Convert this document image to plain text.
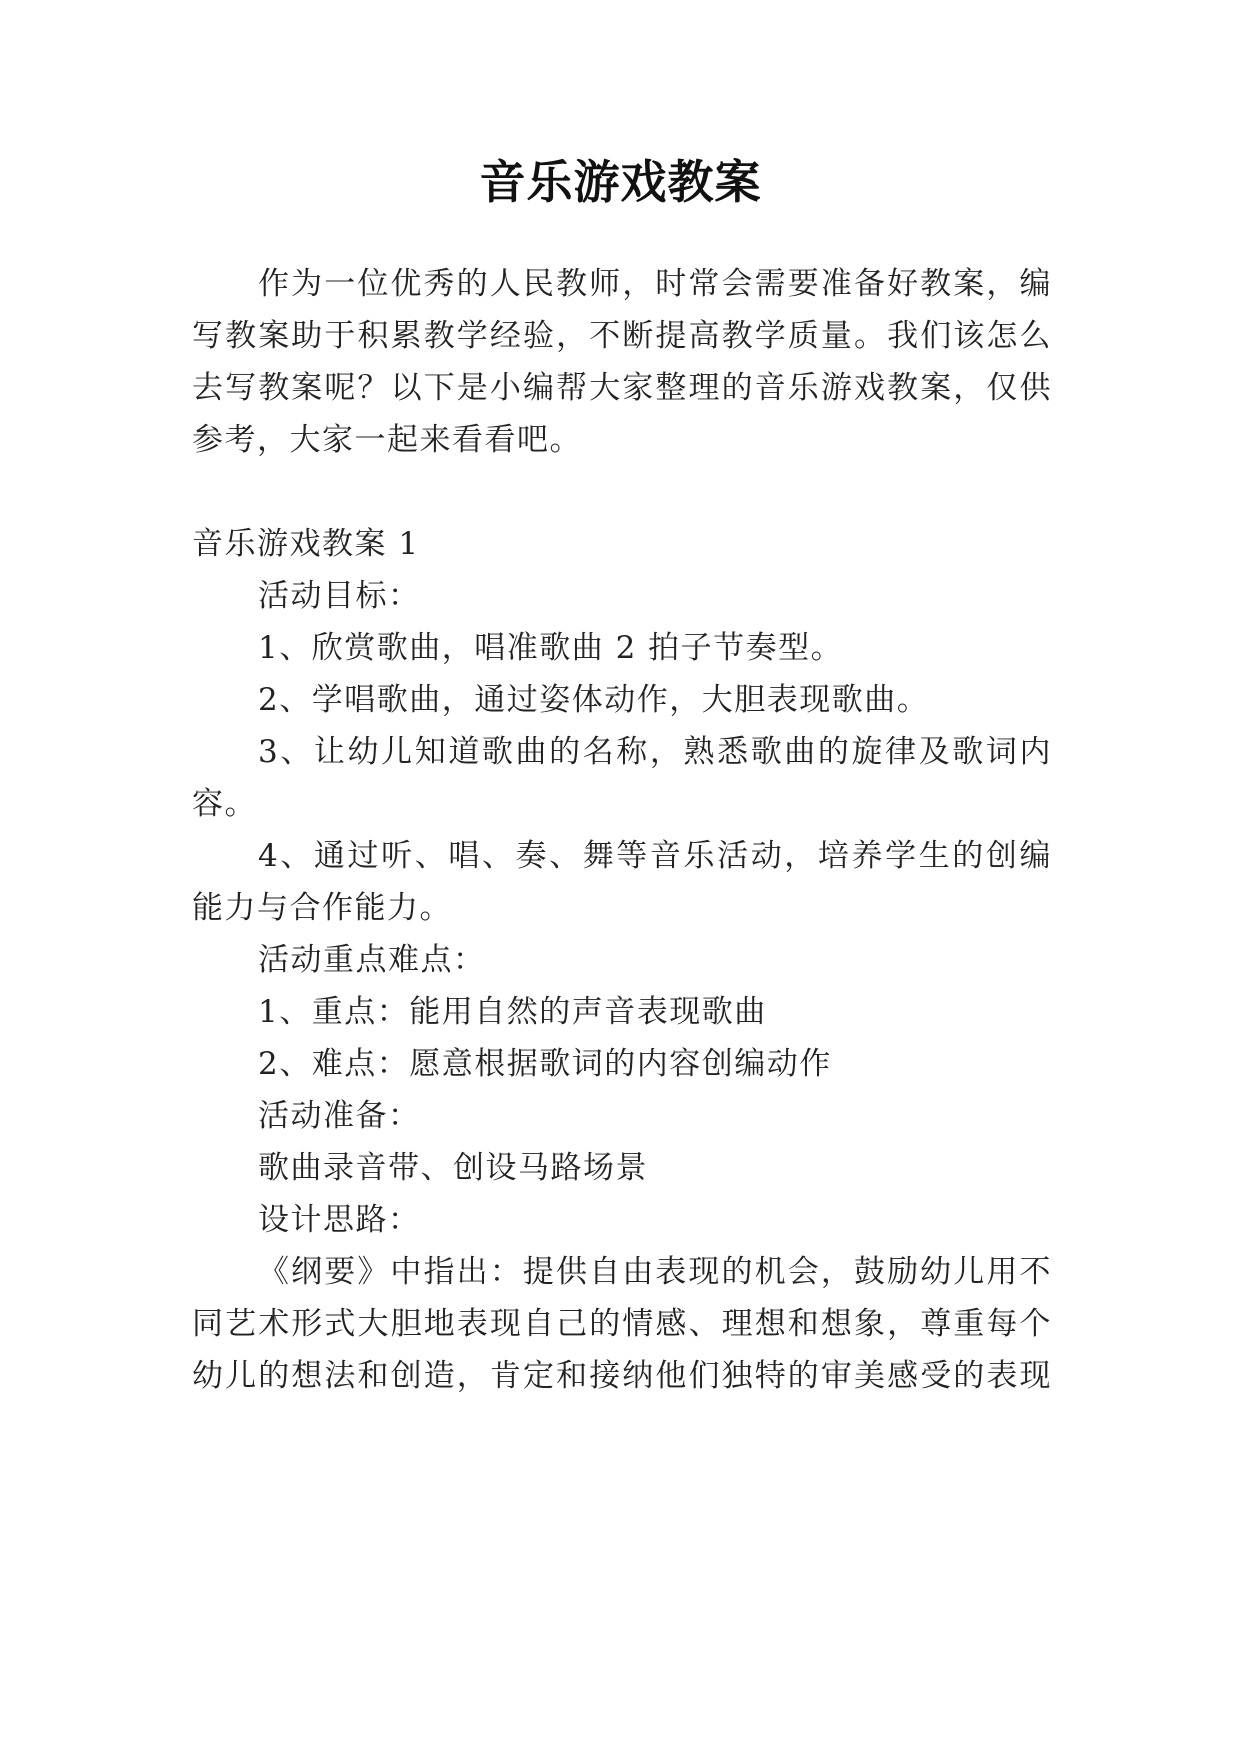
音乐游戏教案
作为一位优秀的人民教师，时常会需要准备好教案，编
写教案助于积累教学经验，不断提高教学质量。我们该怎么
去写教案呢？以下是小编帮大家整理的音乐游戏教案，仅供
参考，大家一起来看看吧。
音乐游戏教案 1
活动目标：
1、欣赏歌曲，唱准歌曲 2 拍子节奏型。
2、学唱歌曲，通过姿体动作，大胆表现歌曲。
3、让幼儿知道歌曲的名称，熟悉歌曲的旋律及歌词内
容。
4、通过听、唱、奏、舞等音乐活动，培养学生的创编
能力与合作能力。
活动重点难点：
1、重点：能用自然的声音表现歌曲
2、难点：愿意根据歌词的内容创编动作
活动准备：
歌曲录音带、创设马路场景
设计思路：
《纲要》中指出：提供自由表现的机会，鼓励幼儿用不
同艺术形式大胆地表现自己的情感、理想和想象，尊重每个
幼儿的想法和创造，肯定和接纳他们独特的审美感受的表现
